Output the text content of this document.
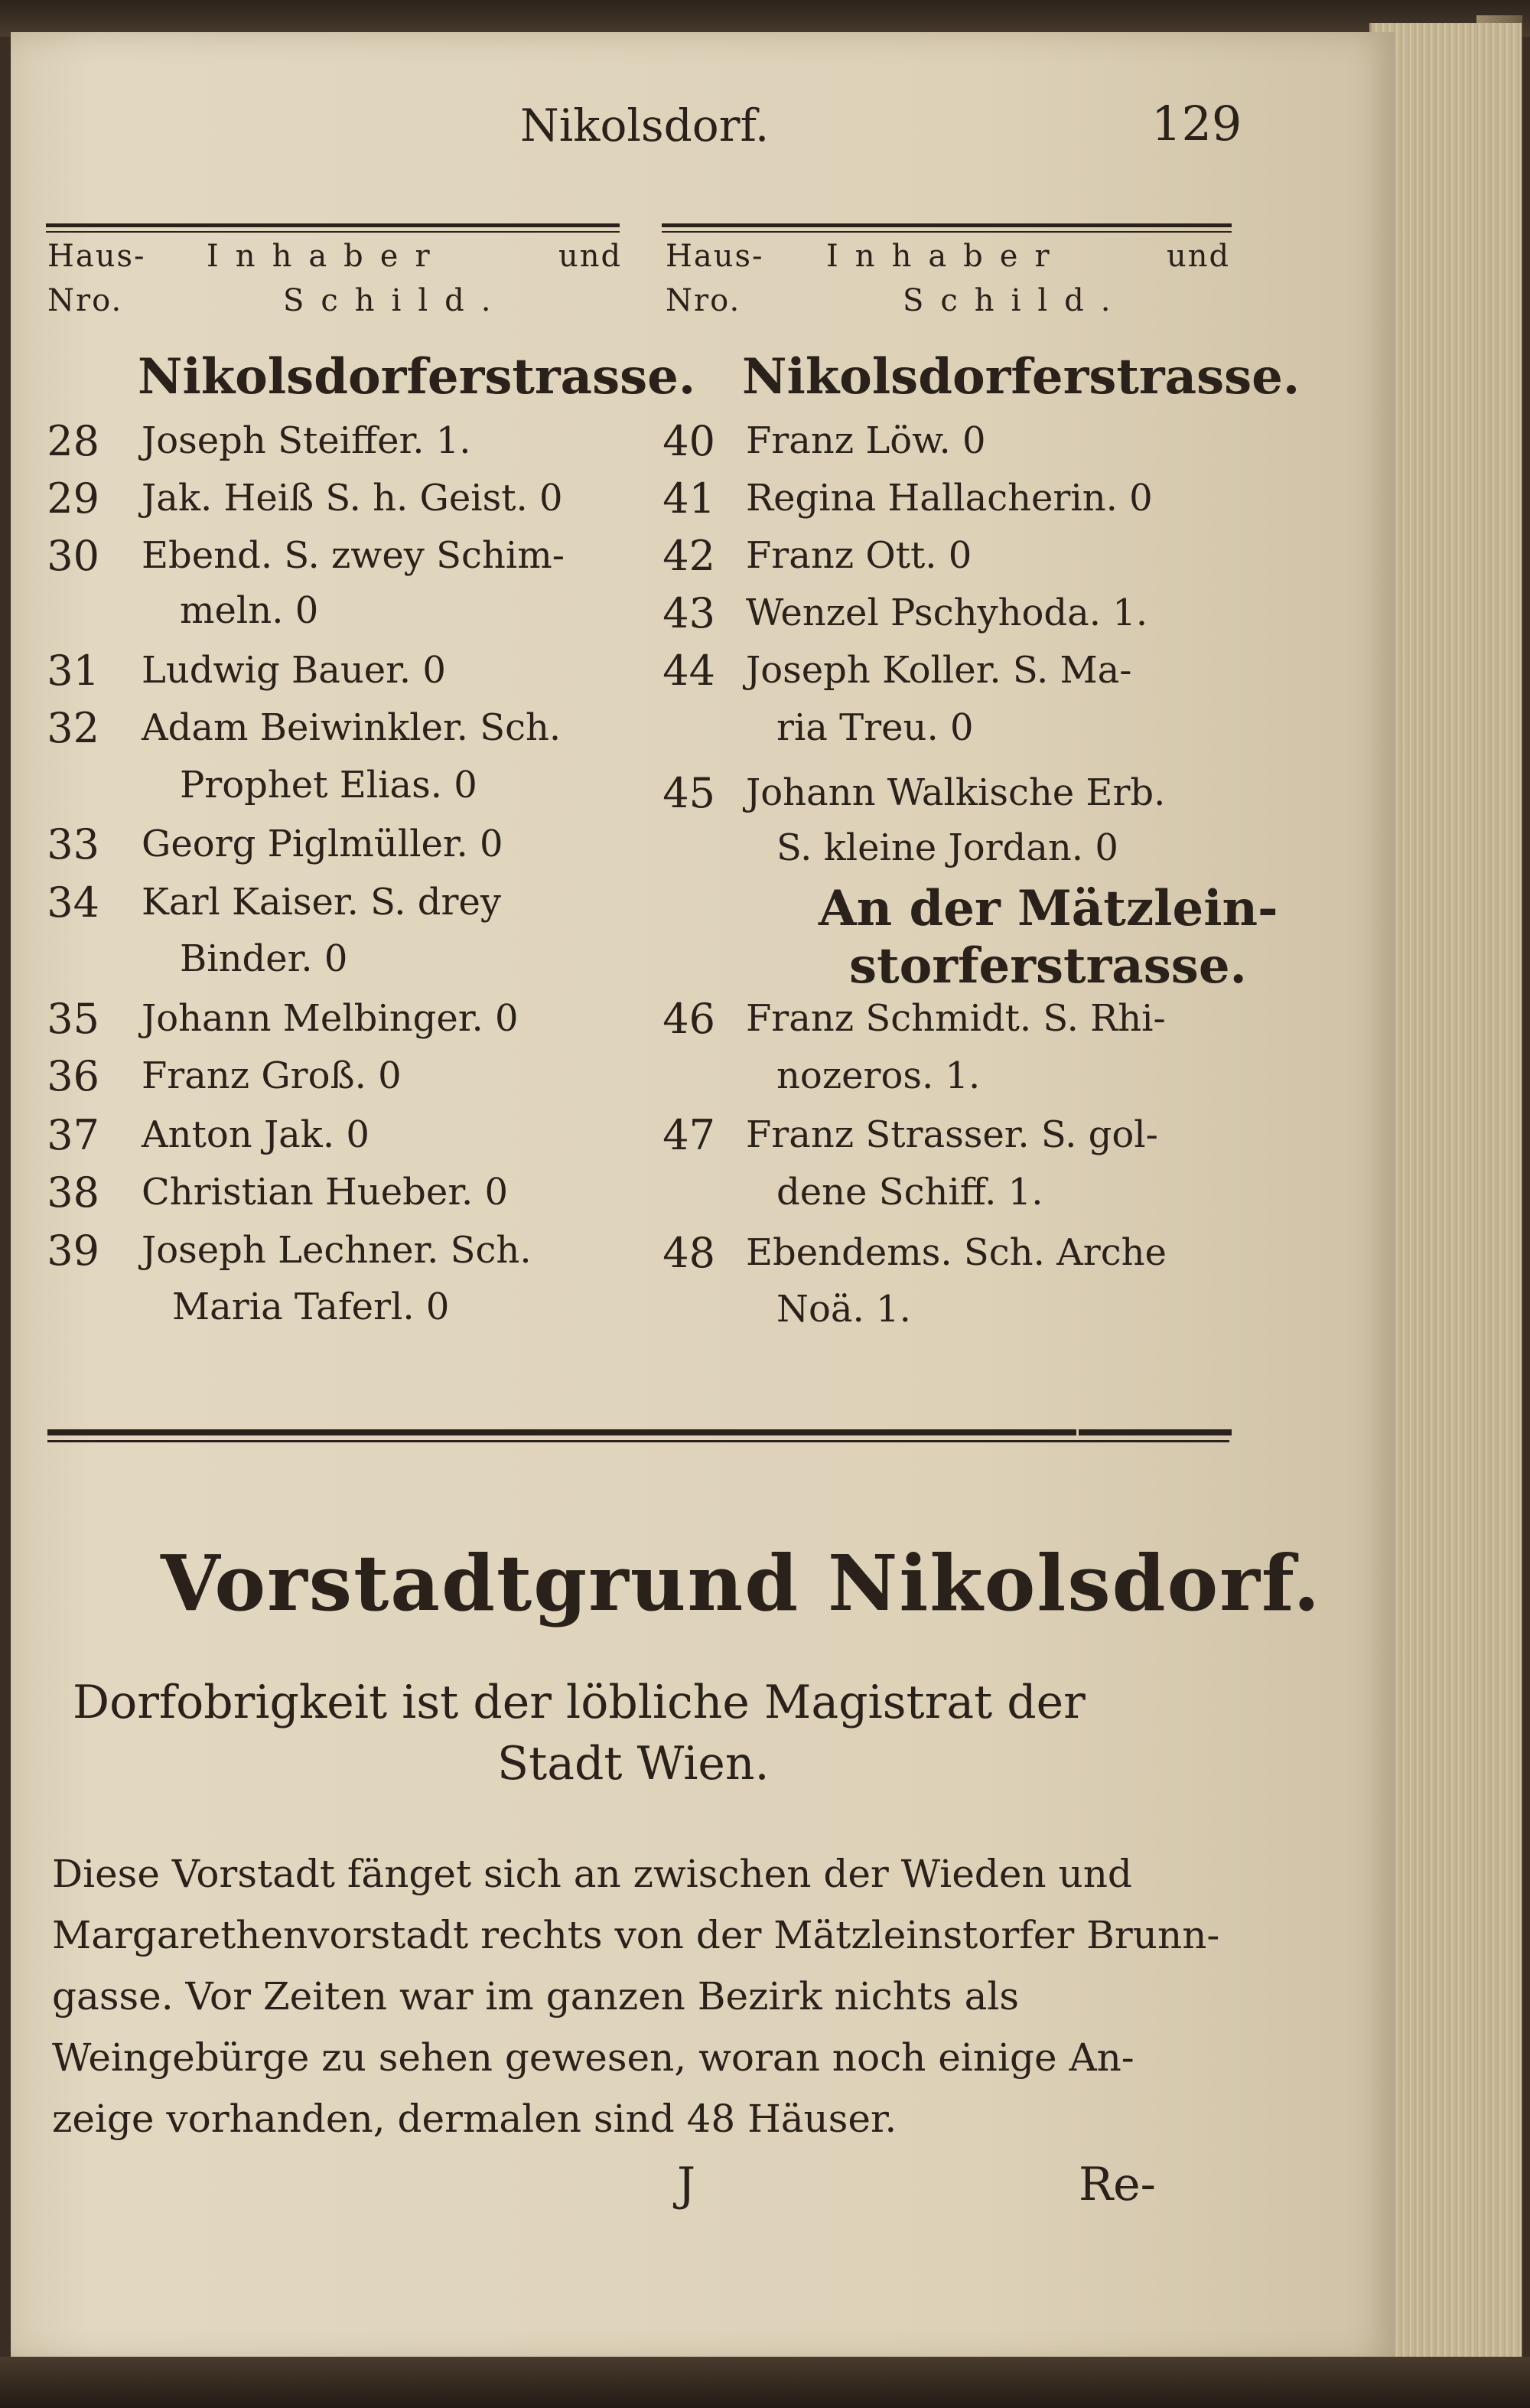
Nikolsdorf.	129
Haus-
Nro.
Inhaber	und
Schild.
Haus-
Nro.
Inhaber	und
Schild.
Nikolsdorferstrasse.
28 Joseph Steiffer. 1.
29 Jak. Heiß S. h. Geist. 0
30 Ebend. S. zwey Schim-
meln. 0
31 Ludwig Bauer. 0
32 Adam Beiwinkler. Sch.
Prophet Elias. 0
33 Georg Piglmüller. 0
34 Karl Kaiser. S. drey
Binder. 0
35 Johann Melbinger. 0
36 Franz Groß. 0
37 Anton Jak. 0
38 Christian Hueber. 0
39 Joseph Lechner. Sch.
Maria Taferl. 0
Nikolsdorferstrasse.
40 Franz Löw. 0
41 Regina Hallacherin. 0
42 Franz Ott. 0
43 Wenzel Pschyhoda. 1.
44 Joseph Koller. S. Ma-
ria Treu. 0
45 Johann Walkische Erb.
S. kleine Jordan. 0
An der Mätzlein-
storferstrasse.
46 Franz Schmidt. S. Rhi-
nozeros. 1.
47 Franz Strasser. S. gol-
dene Schiff. 1.
48 Ebendems. Sch. Arche
Noä. 1.
Vorstadtgrund Nikolsdorf.
Dorfobrigkeit ist der löbliche Magistrat der
Stadt Wien.
Diese Vorstadt fänget sich an zwischen der Wieden und
Margarethenvorstadt rechts von der Mätzleinstorfer Brunn-
gasse. Vor Zeiten war im ganzen Bezirk nichts als
Weingebürge zu sehen gewesen, woran noch einige An-
zeige vorhanden, dermalen sind 48 Häuser.
J	Re-
